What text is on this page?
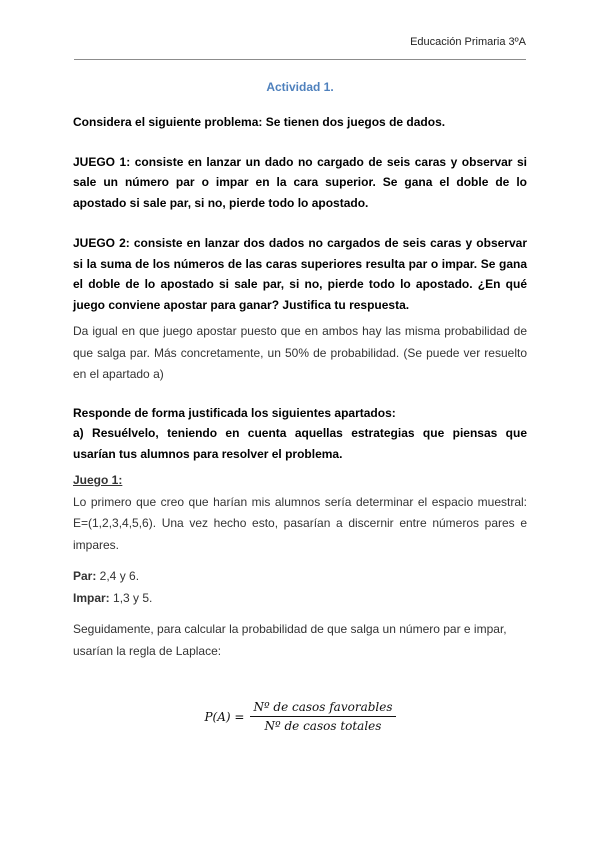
Educación Primaria 3ºA
Actividad 1.

Considera el siguiente problema: Se tienen dos juegos de dados.

JUEGO 1: consiste en lanzar un dado no cargado de seis caras y observar si sale un número par o impar en la cara superior. Se gana el doble de lo apostado si sale par, si no, pierde todo lo apostado.

JUEGO 2: consiste en lanzar dos dados no cargados de seis caras y observar si la suma de los números de las caras superiores resulta par o impar. Se gana el doble de lo apostado si sale par, si no, pierde todo lo apostado. ¿En qué juego conviene apostar para ganar? Justifica tu respuesta.

Da igual en que juego apostar puesto que en ambos hay las misma probabilidad de que salga par. Más concretamente, un 50% de probabilidad. (Se puede ver resuelto en el apartado a)

Responde de forma justificada los siguientes apartados:

a) Resuélvelo, teniendo en cuenta aquellas estrategias que piensas que usarían tus alumnos para resolver el problema.

Juego 1:

Lo primero que creo que harían mis alumnos sería determinar el espacio muestral: E=(1,2,3,4,5,6). Una vez hecho esto, pasarían a discernir entre números pares e impares.

Par: 2,4 y 6.

Impar: 1,3 y 5.

Seguidamente, para calcular la probabilidad de que salga un número par e impar, usarían la regla de Laplace:

$P(A) = \frac{\text{Nº de casos favorables}}{\text{Nº de casos totales}}$
